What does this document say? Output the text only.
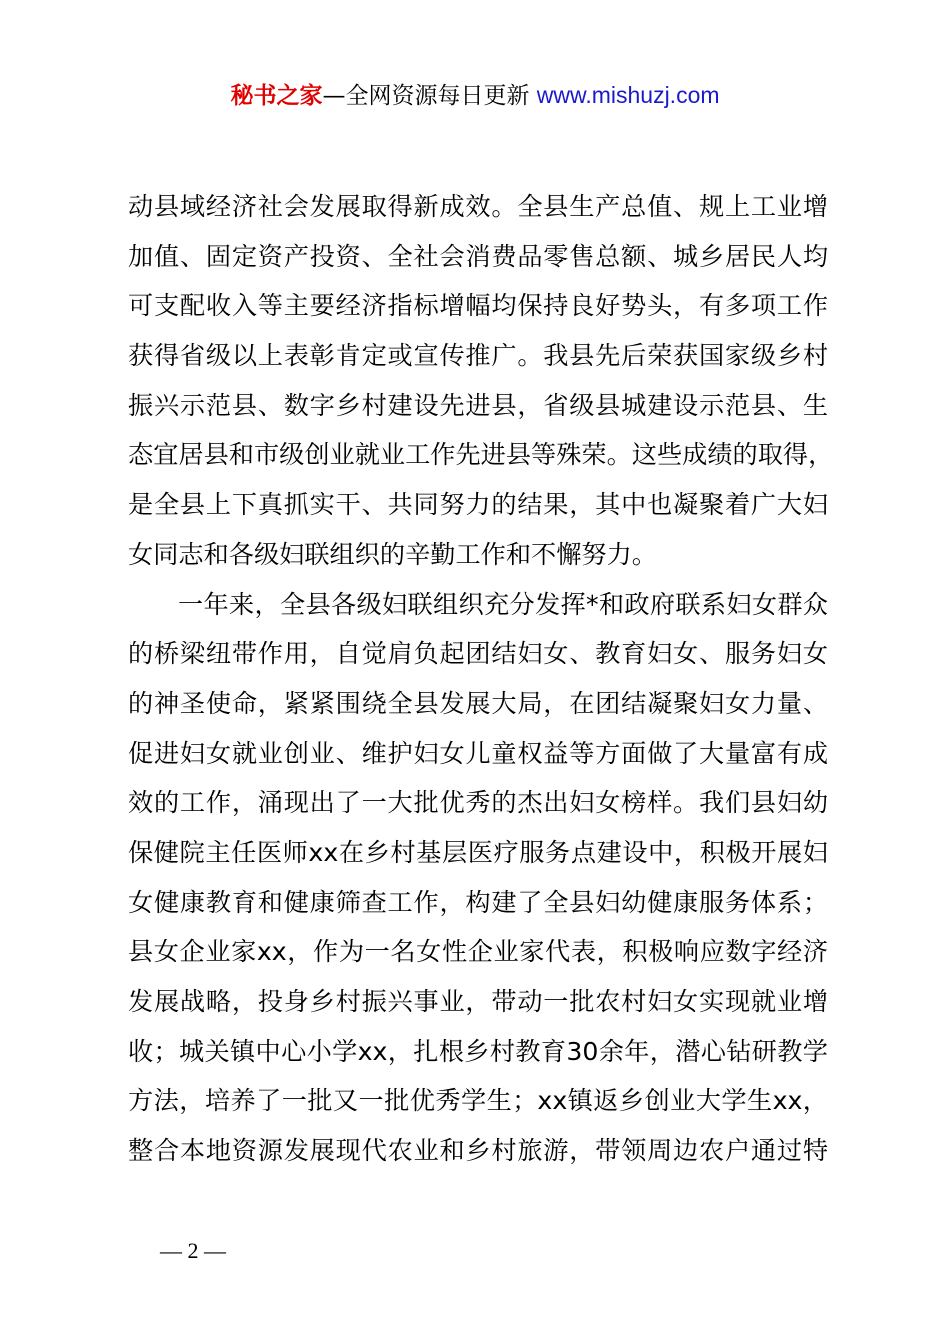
秘书之家—全网资源每日更新 www.mishuzj.com
动县域经济社会发展取得新成效。全县生产总值、规上工业增
加值、固定资产投资、全社会消费品零售总额、城乡居民人均
可支配收入等主要经济指标增幅均保持良好势头，有多项工作
获得省级以上表彰肯定或宣传推广。我县先后荣获国家级乡村
振兴示范县、数字乡村建设先进县，省级县城建设示范县、生
态宜居县和市级创业就业工作先进县等殊荣。这些成绩的取得，
是全县上下真抓实干、共同努力的结果，其中也凝聚着广大妇
女同志和各级妇联组织的辛勤工作和不懈努力。
一年来，全县各级妇联组织充分发挥*和政府联系妇女群众
的桥梁纽带作用，自觉肩负起团结妇女、教育妇女、服务妇女
的神圣使命，紧紧围绕全县发展大局，在团结凝聚妇女力量、
促进妇女就业创业、维护妇女儿童权益等方面做了大量富有成
效的工作，涌现出了一大批优秀的杰出妇女榜样。我们县妇幼
保健院主任医师xx在乡村基层医疗服务点建设中，积极开展妇
女健康教育和健康筛查工作，构建了全县妇幼健康服务体系；
县女企业家xx，作为一名女性企业家代表，积极响应数字经济
发展战略，投身乡村振兴事业，带动一批农村妇女实现就业增
收；城关镇中心小学xx，扎根乡村教育30余年，潜心钻研教学
方法，培养了一批又一批优秀学生；xx镇返乡创业大学生xx，
整合本地资源发展现代农业和乡村旅游，带领周边农户通过特
— 2 —
